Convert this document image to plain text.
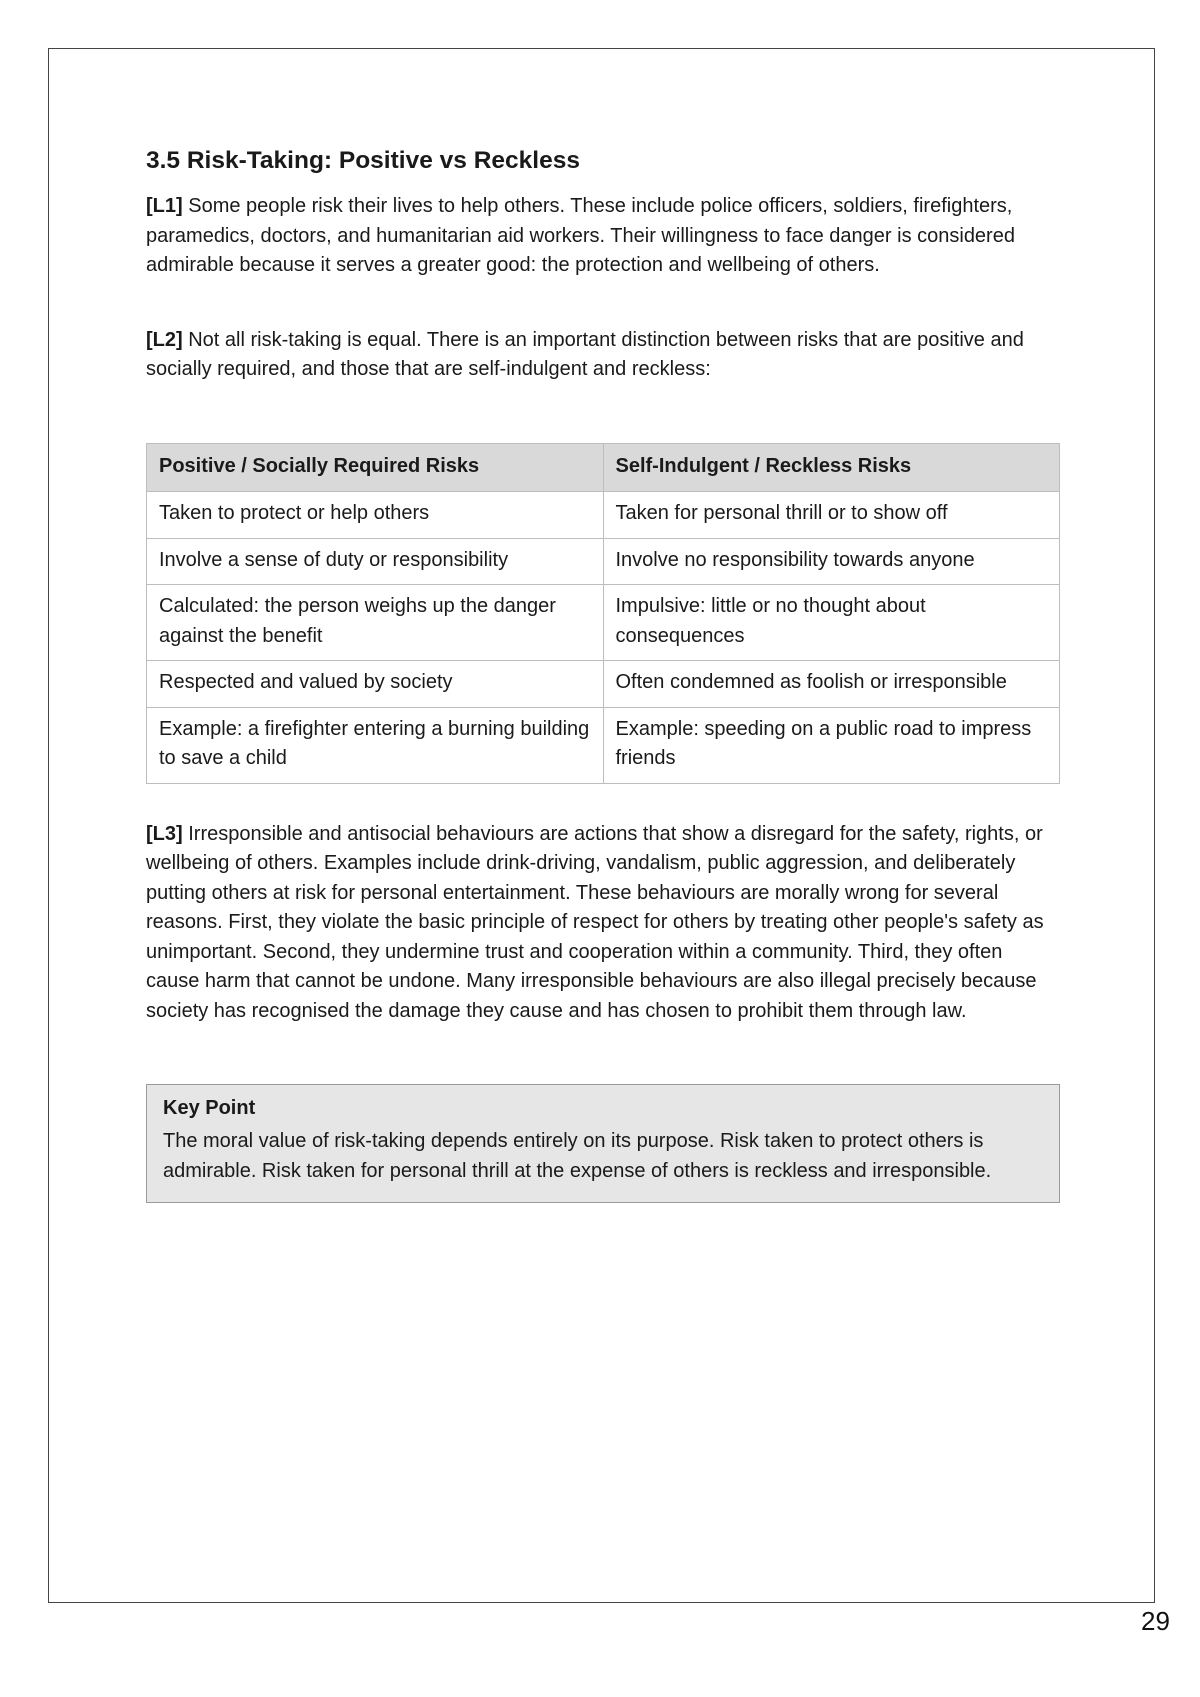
3.5 Risk-Taking: Positive vs Reckless

[L1] Some people risk their lives to help others. These include police officers, soldiers, firefighters, paramedics, doctors, and humanitarian aid workers. Their willingness to face danger is considered admirable because it serves a greater good: the protection and wellbeing of others.

[L2] Not all risk-taking is equal. There is an important distinction between risks that are positive and socially required, and those that are self-indulgent and reckless:

Positive / Socially Required Risks	Self-Indulgent / Reckless Risks
Taken to protect or help others	Taken for personal thrill or to show off
Involve a sense of duty or responsibility	Involve no responsibility towards anyone
Calculated: the person weighs up the danger against the benefit	Impulsive: little or no thought about consequences
Respected and valued by society	Often condemned as foolish or irresponsible
Example: a firefighter entering a burning building to save a child	Example: speeding on a public road to impress friends

[L3] Irresponsible and antisocial behaviours are actions that show a disregard for the safety, rights, or wellbeing of others. Examples include drink-driving, vandalism, public aggression, and deliberately putting others at risk for personal entertainment. These behaviours are morally wrong for several reasons. First, they violate the basic principle of respect for others by treating other people's safety as unimportant. Second, they undermine trust and cooperation within a community. Third, they often cause harm that cannot be undone. Many irresponsible behaviours are also illegal precisely because society has recognised the damage they cause and has chosen to prohibit them through law.

Key Point

The moral value of risk-taking depends entirely on its purpose. Risk taken to protect others is admirable. Risk taken for personal thrill at the expense of others is reckless and irresponsible.

29
